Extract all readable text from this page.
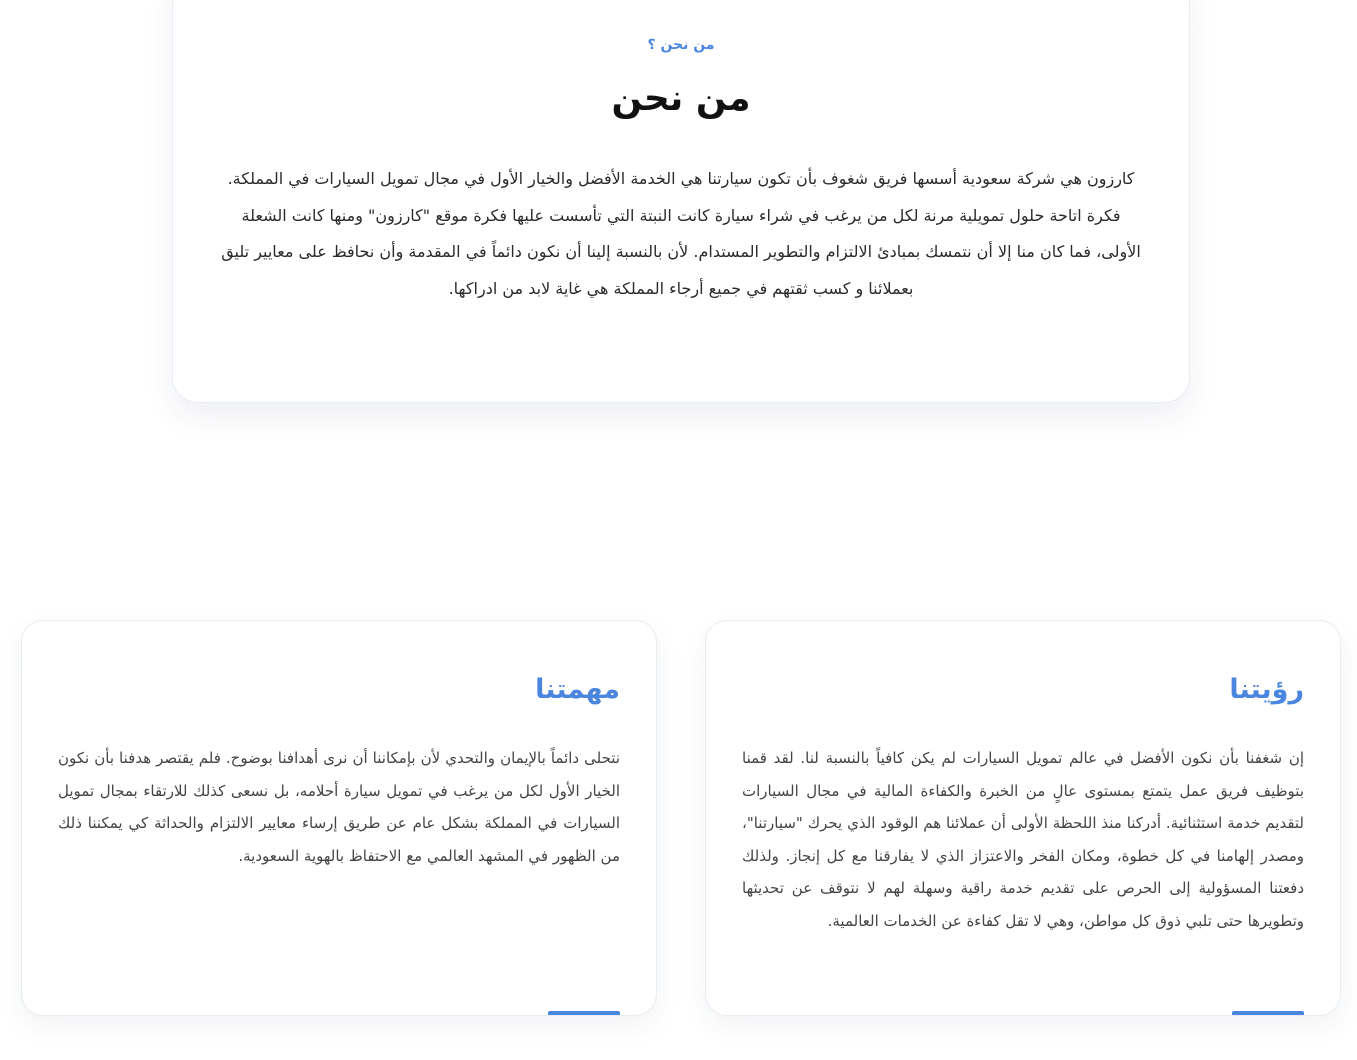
من نحن ؟
من نحن

كارزون هي شركة سعودية أسسها فريق شغوف بأن تكون سيارتنا هي الخدمة الأفضل والخيار الأول في مجال تمويل السيارات في المملكة. فكرة اتاحة حلول تمويلية مرنة لكل من يرغب في شراء سيارة كانت النبتة التي تأسست عليها فكرة موقع "كارزون" ومنها كانت الشعلة الأولى، فما كان منا إلا أن نتمسك بمبادئ الالتزام والتطوير المستدام. لأن بالنسبة إلينا أن نكون دائماً في المقدمة وأن نحافظ على معايير تليق بعملائنا و كسب ثقتهم في جميع أرجاء المملكة هي غاية لابد من ادراكها.

رؤيتنا

إن شغفنا بأن نكون الأفضل في عالم تمويل السيارات لم يكن كافياً بالنسبة لنا. لقد قمنا بتوظيف فريق عمل يتمتع بمستوى عالٍ من الخبرة والكفاءة المالية في مجال السيارات لتقديم خدمة استثنائية. أدركنا منذ اللحظة الأولى أن عملائنا هم الوقود الذي يحرك "سيارتنا"، ومصدر إلهامنا في كل خطوة، ومكان الفخر والاعتزاز الذي لا يفارقنا مع كل إنجاز. ولذلك دفعتنا المسؤولية إلى الحرص على تقديم خدمة راقية وسهلة لهم لا نتوقف عن تحديثها وتطويرها حتى تلبي ذوق كل مواطن، وهي لا تقل كفاءة عن الخدمات العالمية.

مهمتنا

نتحلى دائماً بالإيمان والتحدي لأن بإمكاننا أن نرى أهدافنا بوضوح. فلم يقتصر هدفنا بأن نكون الخيار الأول لكل من يرغب في تمويل سيارة أحلامه، بل نسعى كذلك للارتقاء بمجال تمويل السيارات في المملكة بشكل عام عن طريق إرساء معايير الالتزام والحداثة كي يمكننا ذلك من الظهور في المشهد العالمي مع الاحتفاظ بالهوية السعودية.
